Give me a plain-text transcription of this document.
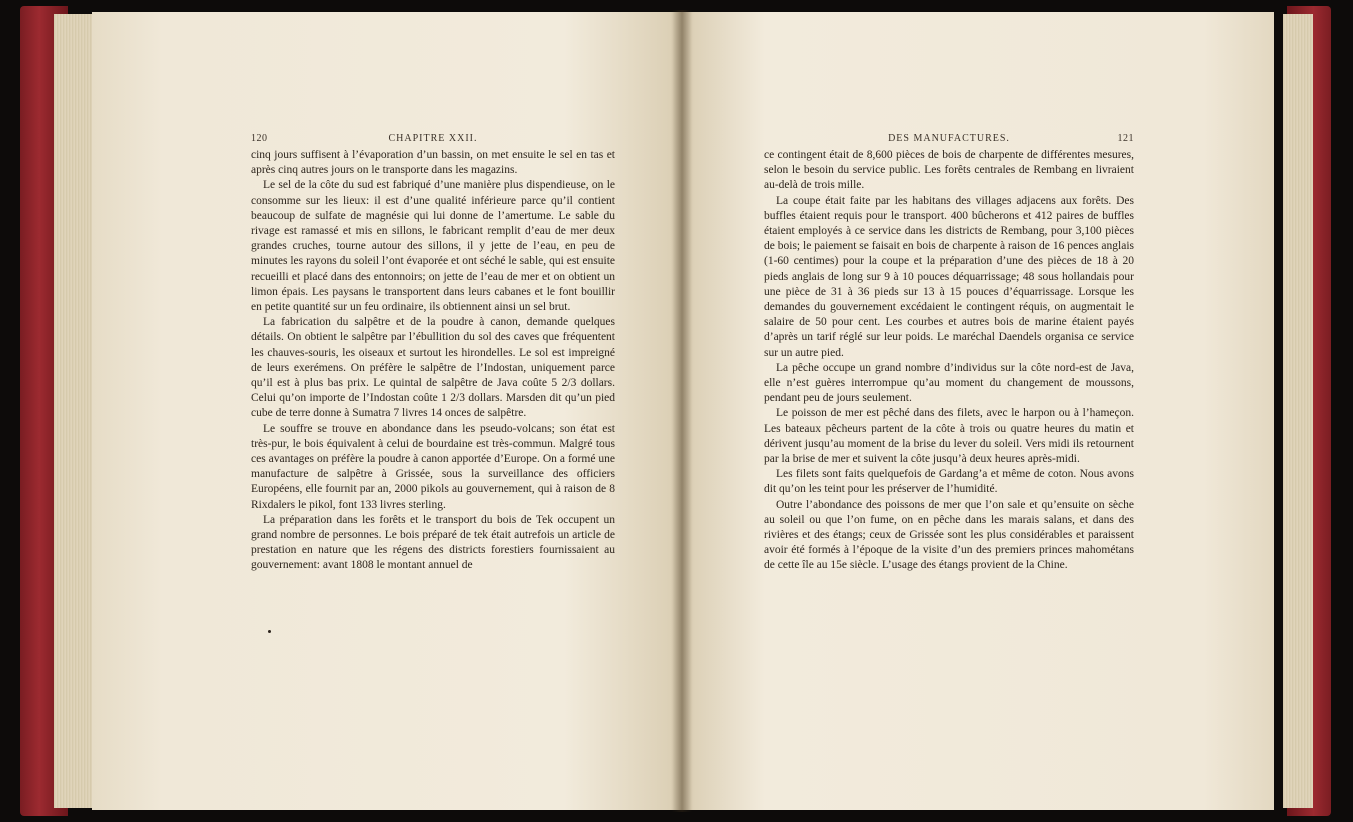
120	CHAPITRE XXII.	DES MANUFACTURES.	121

cinq jours suffisent à l’évaporation d’un bassin, on met ensuite le sel en tas et après cinq autres jours on le transporte dans les magazins.

Le sel de la côte du sud est fabriqué d’une manière plus dispendieuse, on le consomme sur les lieux: il est d’une qualité inférieure parce qu’il contient beaucoup de sulfate de magnésie qui lui donne de l’amertume. Le sable du rivage est ramassé et mis en sillons, le fabricant remplit d’eau de mer deux grandes cruches, tourne autour des sillons, il y jette de l’eau, en peu de minutes les rayons du soleil l’ont évaporée et ont séché le sable, qui est ensuite recueilli et placé dans des entonnoirs; on jette de l’eau de mer et on obtient un limon épais. Les paysans le transportent dans leurs cabanes et le font bouillir en petite quantité sur un feu ordinaire, ils obtiennent ainsi un sel brut.

La fabrication du salpêtre et de la poudre à canon, demande quelques détails. On obtient le salpêtre par l’ébullition du sol des caves que fréquentent les chauves-souris, les oiseaux et surtout les hirondelles. Le sol est impreigné de leurs exerémens. On préfère le salpêtre de l’Indostan, uniquement parce qu’il est à plus bas prix. Le quintal de salpêtre de Java coûte 5 2/3 dollars. Celui qu’on importe de l’Indostan coûte 1 2/3 dollars. Marsden dit qu’un pied cube de terre donne à Sumatra 7 livres 14 onces de salpêtre.

Le souffre se trouve en abondance dans les pseudo-volcans; son état est très-pur, le bois équivalent à celui de bourdaine est très-commun. Malgré tous ces avantages on préfère la poudre à canon apportée d’Europe. On a formé une manufacture de salpêtre à Grissée, sous la surveillance des officiers Européens, elle fournit par an, 2000 pikols au gouvernement, qui à raison de 8 Rixdalers le pikol, font 133 livres sterling.

La préparation dans les forêts et le transport du bois de Tek occupent un grand nombre de personnes. Le bois préparé de tek était autrefois un article de prestation en nature que les régens des districts forestiers fournissaient au gouvernement: avant 1808 le montant annuel de

ce contingent était de 8,600 pièces de bois de charpente de différentes mesures, selon le besoin du service public. Les forêts centrales de Rembang en livraient au-delà de trois mille.

La coupe était faite par les habitans des villages adjacens aux forêts. Des buffles étaient requis pour le transport. 400 bûcherons et 412 paires de buffles étaient employés à ce service dans les districts de Rembang, pour 3,100 pièces de bois; le paiement se faisait en bois de charpente à raison de 16 pences anglais (1-60 centimes) pour la coupe et la préparation d’une des pièces de 18 à 20 pieds anglais de long sur 9 à 10 pouces déquarrissage; 48 sous hollandais pour une pièce de 31 à 36 pieds sur 13 à 15 pouces d’équarrissage. Lorsque les demandes du gouvernement excédaient le contingent réquis, on augmentait le salaire de 50 pour cent. Les courbes et autres bois de marine étaient payés d’après un tarif réglé sur leur poids. Le maréchal Daendels organisa ce service sur un autre pied.

La pêche occupe un grand nombre d’individus sur la côte nord-est de Java, elle n’est guères interrompue qu’au moment du changement de moussons, pendant peu de jours seulement.

Le poisson de mer est pêché dans des filets, avec le harpon ou à l’hameçon. Les bateaux pêcheurs partent de la côte à trois ou quatre heures du matin et dérivent jusqu’au moment de la brise du lever du soleil. Vers midi ils retournent par la brise de mer et suivent la côte jusqu’à deux heures après-midi.

Les filets sont faits quelquefois de Gardang’a et même de coton. Nous avons dit qu’on les teint pour les préserver de l’humidité.

Outre l’abondance des poissons de mer que l’on sale et qu’ensuite on sèche au soleil ou que l’on fume, on en pêche dans les marais salans, et dans des rivières et des étangs; ceux de Grissée sont les plus considérables et paraissent avoir été formés à l’époque de la visite d’un des premiers princes mahométans de cette île au 15e siècle. L’usage des étangs provient de la Chine.
